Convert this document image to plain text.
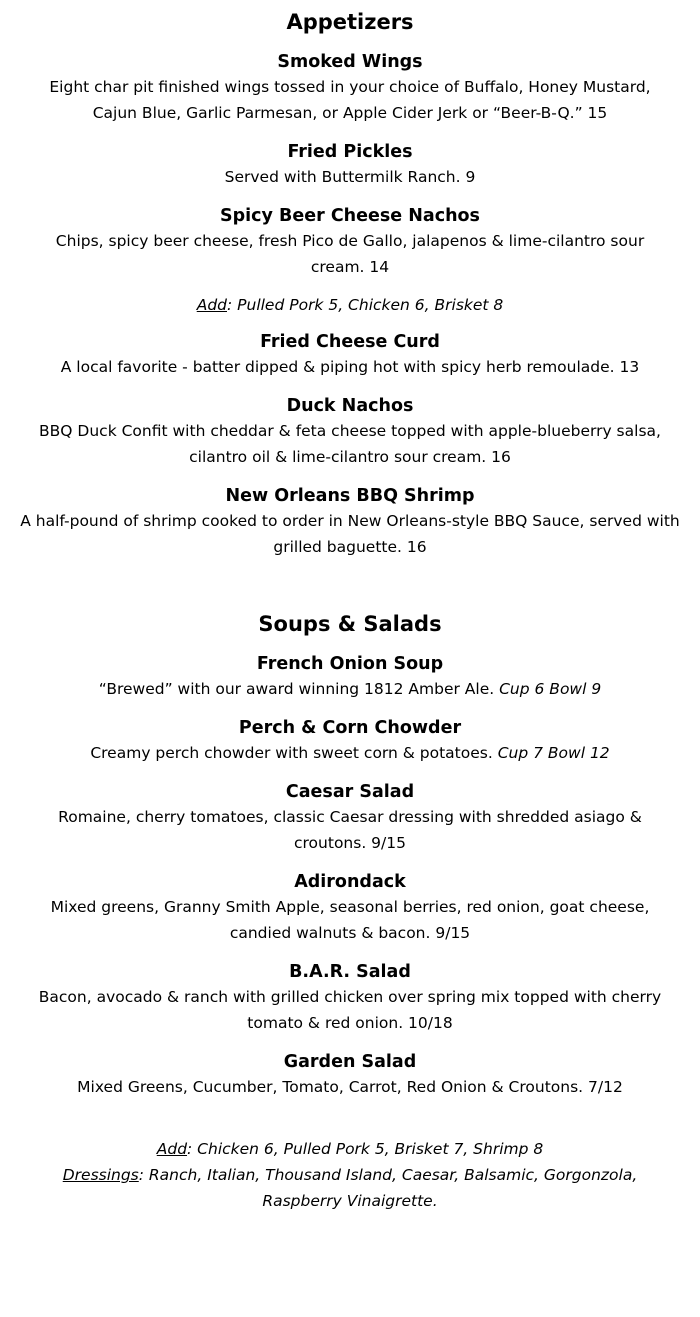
Appetizers
Smoked Wings
Eight char pit finished wings tossed in your choice of Buffalo, Honey Mustard, Cajun Blue, Garlic Parmesan, or Apple Cider Jerk or “Beer-B-Q.” 15
Fried Pickles
Served with Buttermilk Ranch. 9
Spicy Beer Cheese Nachos
Chips, spicy beer cheese, fresh Pico de Gallo, jalapenos & lime-cilantro sour cream. 14
Add: Pulled Pork 5, Chicken 6, Brisket 8
Fried Cheese Curd
A local favorite - batter dipped & piping hot with spicy herb remoulade. 13
Duck Nachos
BBQ Duck Confit with cheddar & feta cheese topped with apple-blueberry salsa, cilantro oil & lime-cilantro sour cream. 16
New Orleans BBQ Shrimp
A half-pound of shrimp cooked to order in New Orleans-style BBQ Sauce, served with grilled baguette. 16
Soups & Salads
French Onion Soup
“Brewed” with our award winning 1812 Amber Ale. Cup 6 Bowl 9
Perch & Corn Chowder
Creamy perch chowder with sweet corn & potatoes. Cup 7 Bowl 12
Caesar Salad
Romaine, cherry tomatoes, classic Caesar dressing with shredded asiago & croutons. 9/15
Adirondack
Mixed greens, Granny Smith Apple, seasonal berries, red onion, goat cheese, candied walnuts & bacon. 9/15
B.A.R. Salad
Bacon, avocado & ranch with grilled chicken over spring mix topped with cherry tomato & red onion. 10/18
Garden Salad
Mixed Greens, Cucumber, Tomato, Carrot, Red Onion & Croutons. 7/12
Add: Chicken 6, Pulled Pork 5, Brisket 7, Shrimp 8
Dressings: Ranch, Italian, Thousand Island, Caesar, Balsamic, Gorgonzola, Raspberry Vinaigrette.
